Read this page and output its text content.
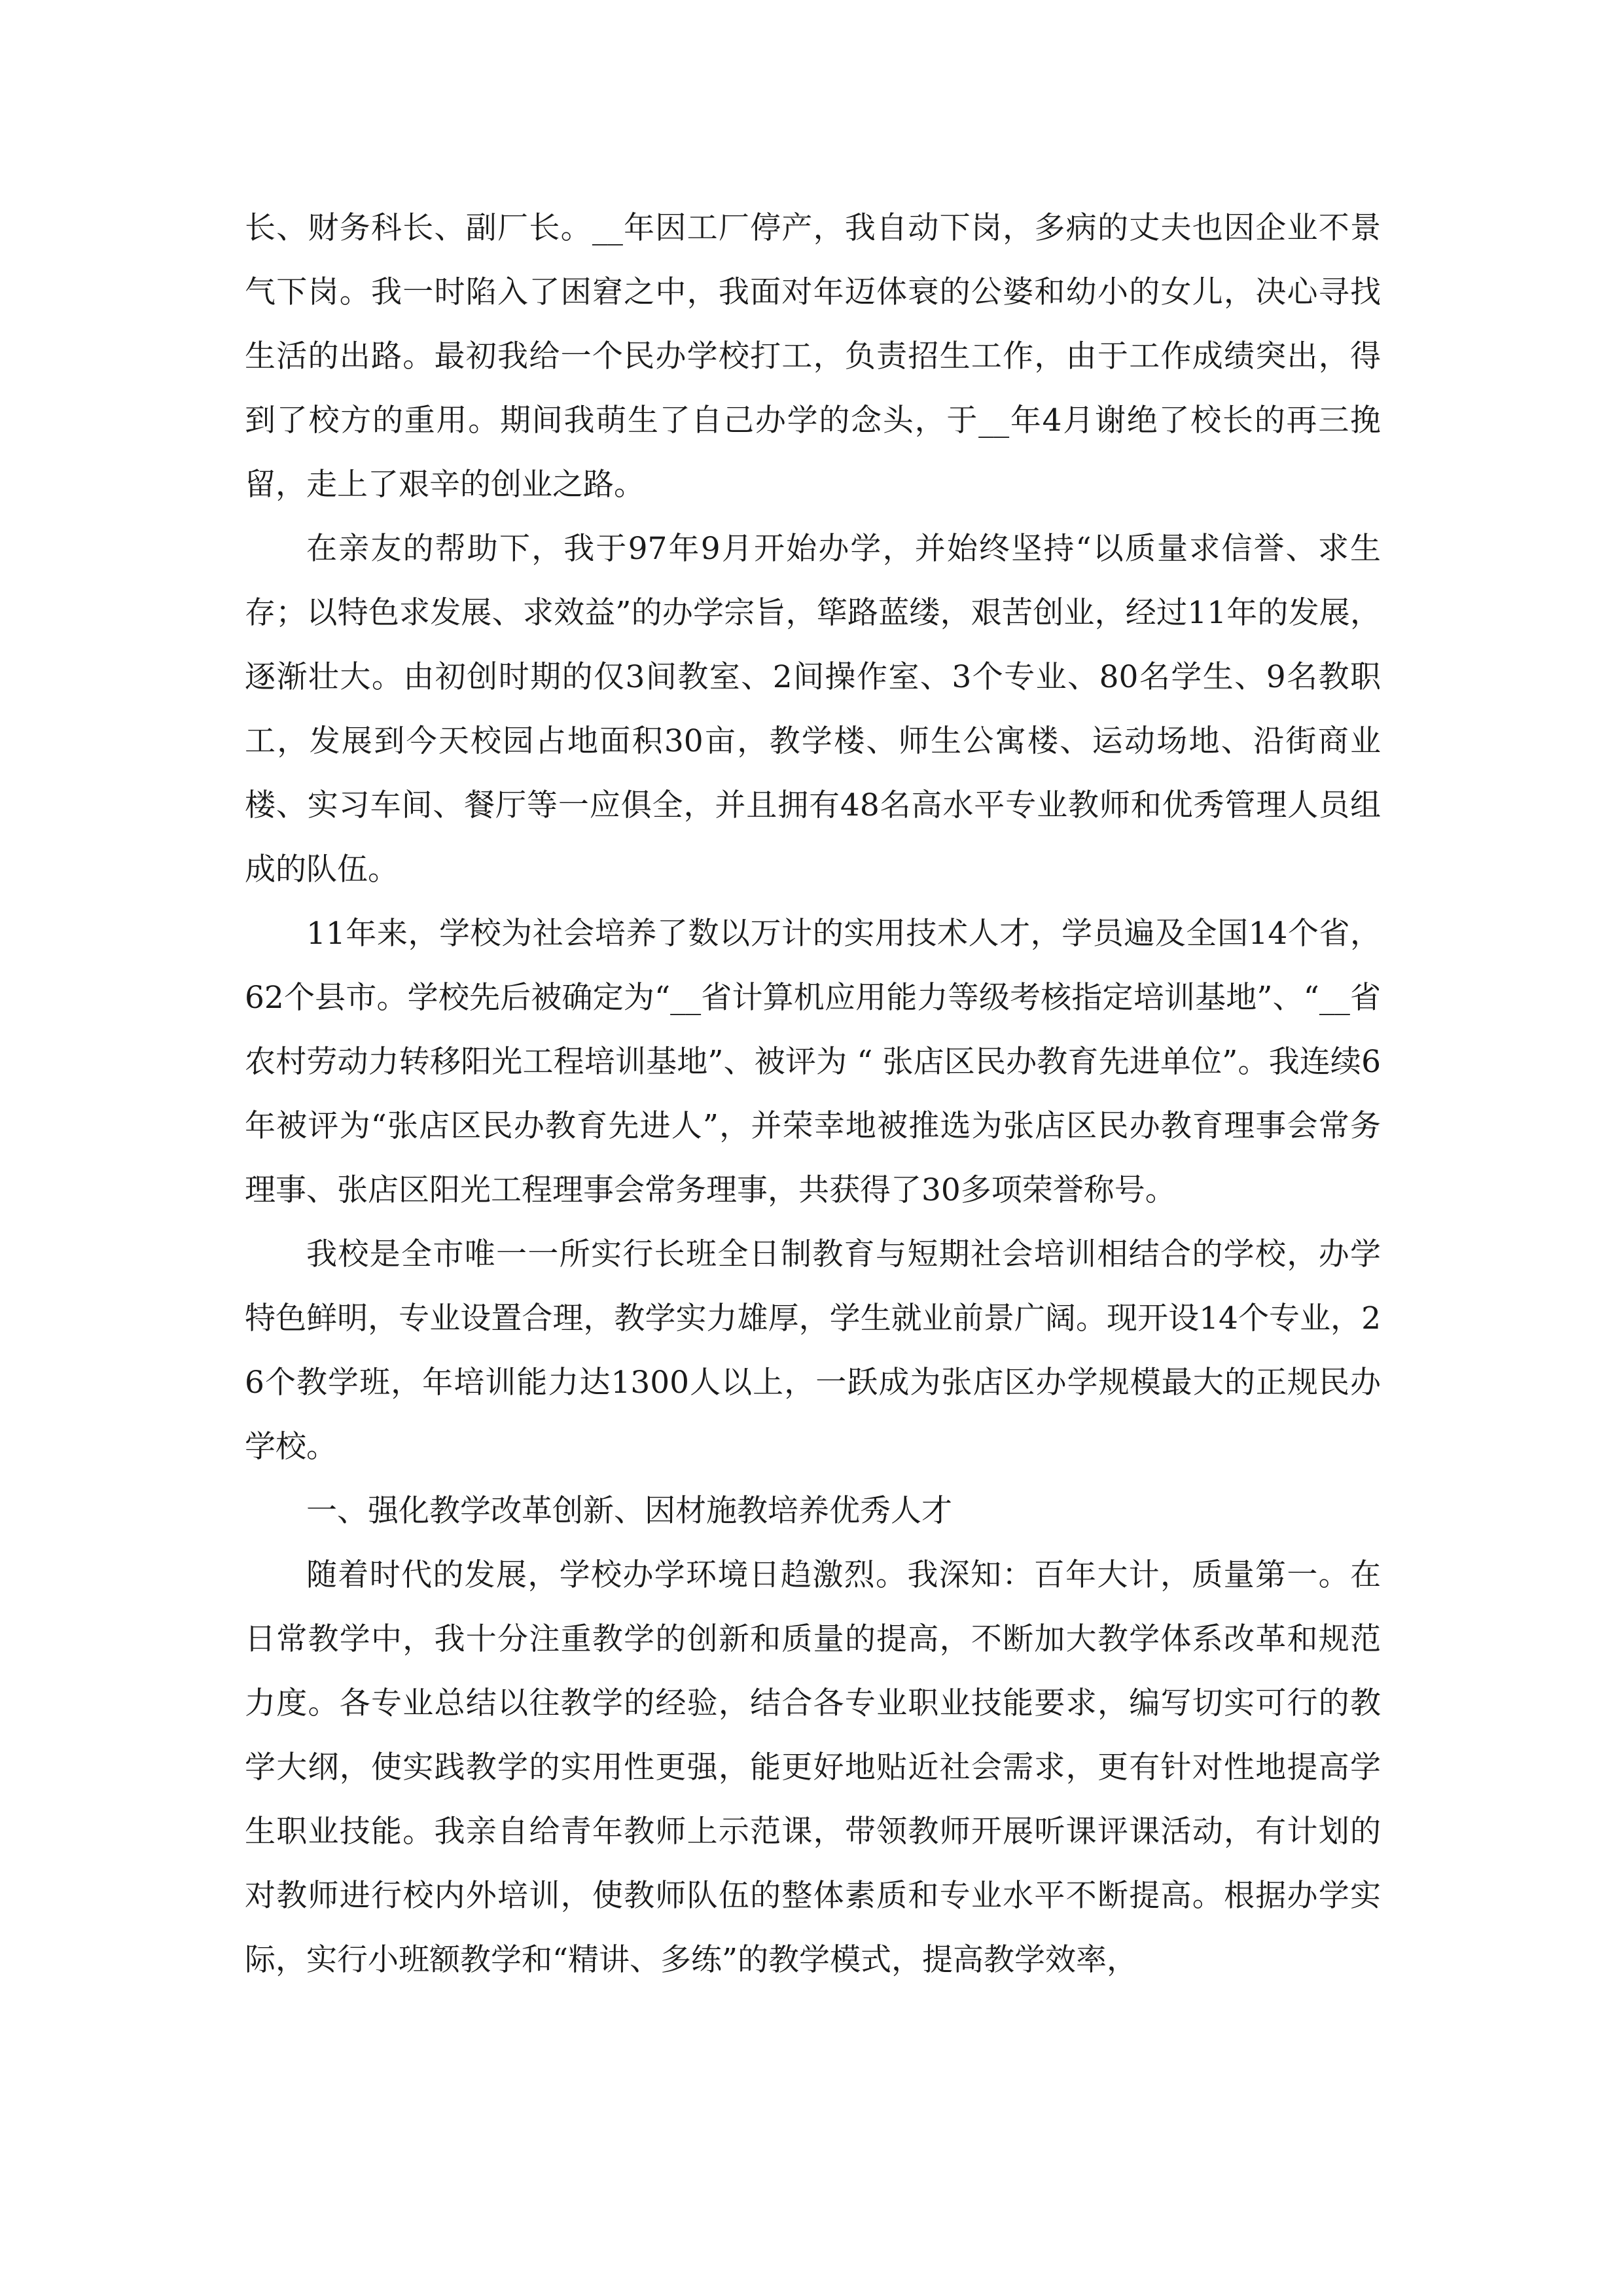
长、财务科长、副厂长。__年因工厂停产，我自动下岗，多病的丈夫也因企业不景气下岗。我一时陷入了困窘之中，我面对年迈体衰的公婆和幼小的女儿，决心寻找生活的出路。最初我给一个民办学校打工，负责招生工作，由于工作成绩突出，得到了校方的重用。期间我萌生了自己办学的念头，于__年4月谢绝了校长的再三挽留，走上了艰辛的创业之路。

在亲友的帮助下，我于97年9月开始办学，并始终坚持“以质量求信誉、求生存；以特色求发展、求效益”的办学宗旨，筚路蓝缕，艰苦创业，经过11年的发展，逐渐壮大。由初创时期的仅3间教室、2间操作室、3个专业、80名学生、9名教职工，发展到今天校园占地面积30亩，教学楼、师生公寓楼、运动场地、沿街商业楼、实习车间、餐厅等一应俱全，并且拥有48名高水平专业教师和优秀管理人员组成的队伍。

11年来，学校为社会培养了数以万计的实用技术人才，学员遍及全国14个省，62个县市。学校先后被确定为“__省计算机应用能力等级考核指定培训基地”、“__省农村劳动力转移阳光工程培训基地”、被评为 “ 张店区民办教育先进单位”。我连续6年被评为“张店区民办教育先进人”，并荣幸地被推选为张店区民办教育理事会常务理事、张店区阳光工程理事会常务理事，共获得了30多项荣誉称号。

我校是全市唯一一所实行长班全日制教育与短期社会培训相结合的学校，办学特色鲜明，专业设置合理，教学实力雄厚，学生就业前景广阔。现开设14个专业，26个教学班，年培训能力达1300人以上，一跃成为张店区办学规模最大的正规民办学校。

一、强化教学改革创新、因材施教培养优秀人才

随着时代的发展，学校办学环境日趋激烈。我深知：百年大计，质量第一。在日常教学中，我十分注重教学的创新和质量的提高，不断加大教学体系改革和规范力度。各专业总结以往教学的经验，结合各专业职业技能要求，编写切实可行的教学大纲，使实践教学的实用性更强，能更好地贴近社会需求，更有针对性地提高学生职业技能。我亲自给青年教师上示范课，带领教师开展听课评课活动，有计划的对教师进行校内外培训，使教师队伍的整体素质和专业水平不断提高。根据办学实际，实行小班额教学和“精讲、多练”的教学模式，提高教学效率，
